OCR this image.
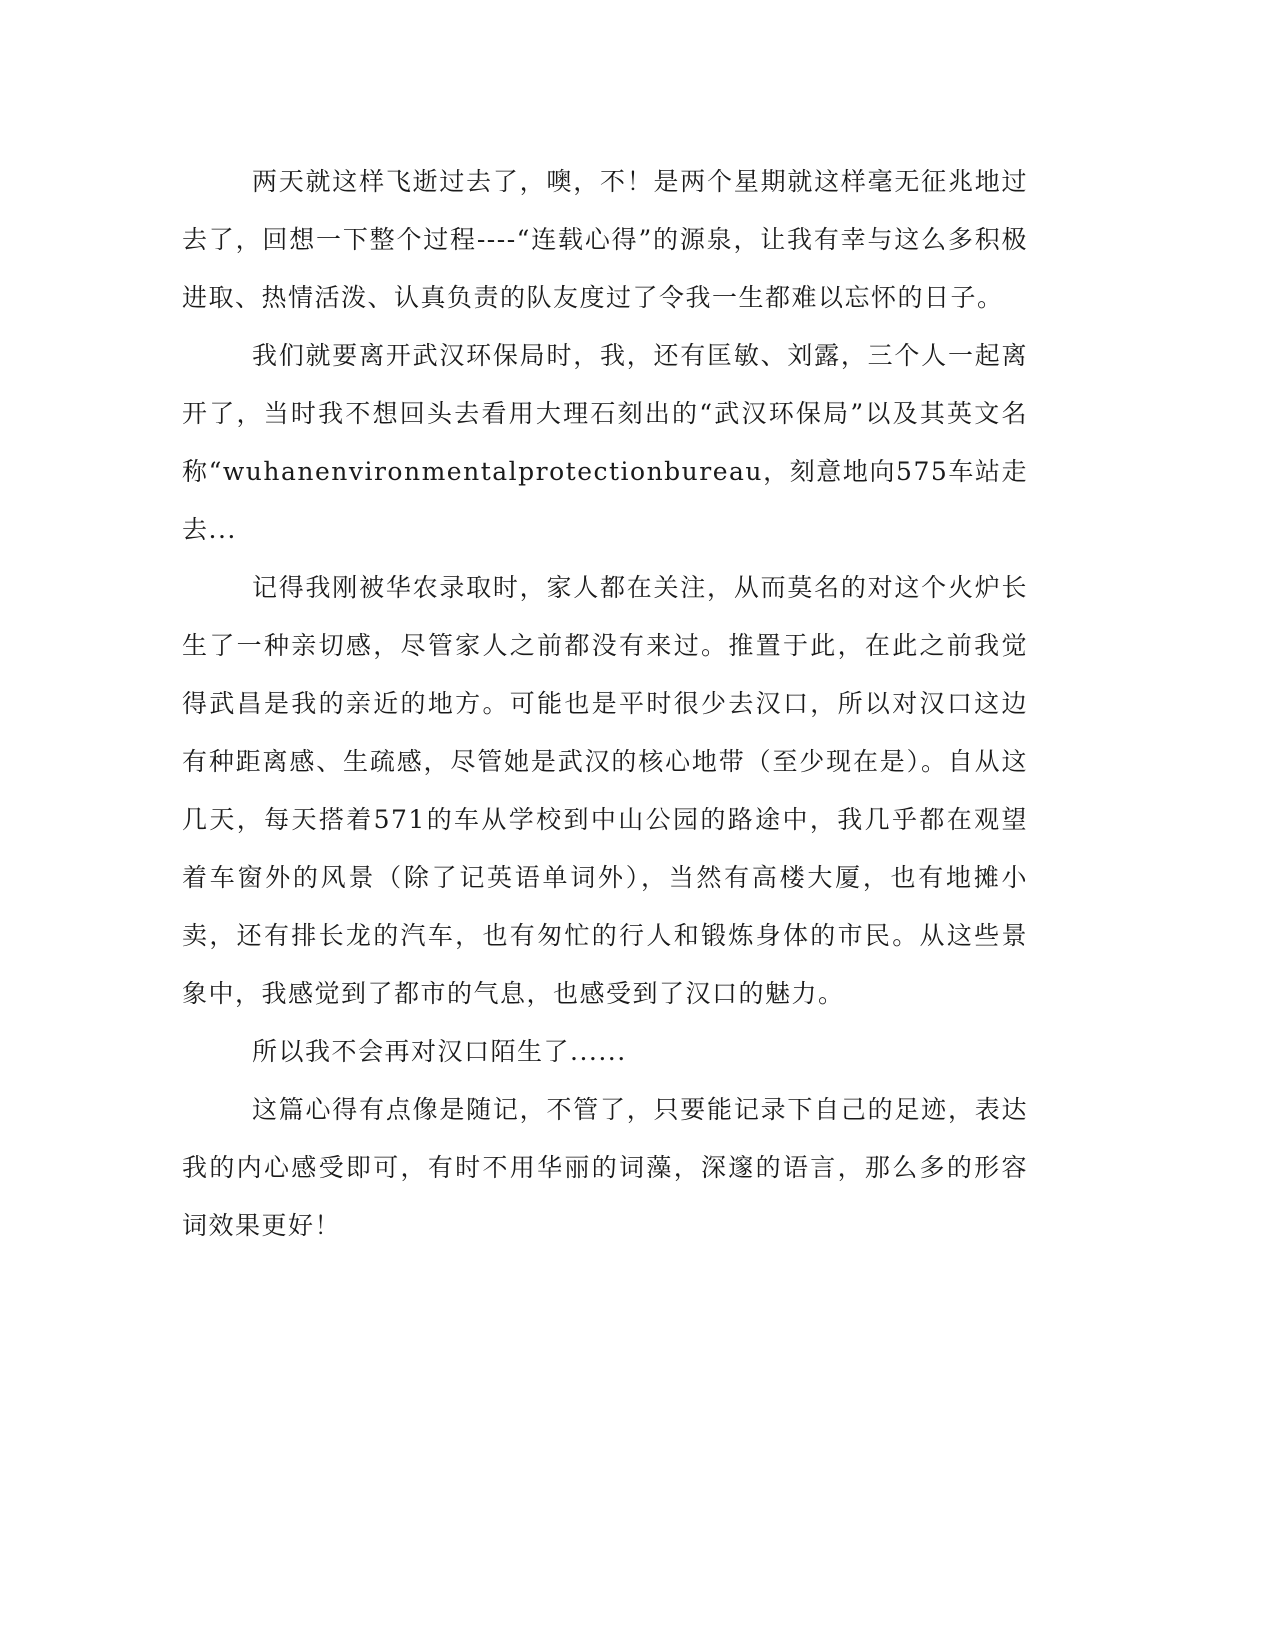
两天就这样飞逝过去了，噢，不！是两个星期就这样毫无征兆地过去了，回想一下整个过程----“连载心得”的源泉，让我有幸与这么多积极进取、热情活泼、认真负责的队友度过了令我一生都难以忘怀的日子。

我们就要离开武汉环保局时，我，还有匡敏、刘露，三个人一起离开了，当时我不想回头去看用大理石刻出的“武汉环保局”以及其英文名称“wuhanenvironmentalprotectionbureau，刻意地向575车站走去...

记得我刚被华农录取时，家人都在关注，从而莫名的对这个火炉长生了一种亲切感，尽管家人之前都没有来过。推置于此，在此之前我觉得武昌是我的亲近的地方。可能也是平时很少去汉口，所以对汉口这边有种距离感、生疏感，尽管她是武汉的核心地带（至少现在是）。自从这几天，每天搭着571的车从学校到中山公园的路途中，我几乎都在观望着车窗外的风景（除了记英语单词外），当然有高楼大厦，也有地摊小卖，还有排长龙的汽车，也有匆忙的行人和锻炼身体的市民。从这些景象中，我感觉到了都市的气息，也感受到了汉口的魅力。

所以我不会再对汉口陌生了......

这篇心得有点像是随记，不管了，只要能记录下自己的足迹，表达我的内心感受即可，有时不用华丽的词藻，深邃的语言，那么多的形容词效果更好！
